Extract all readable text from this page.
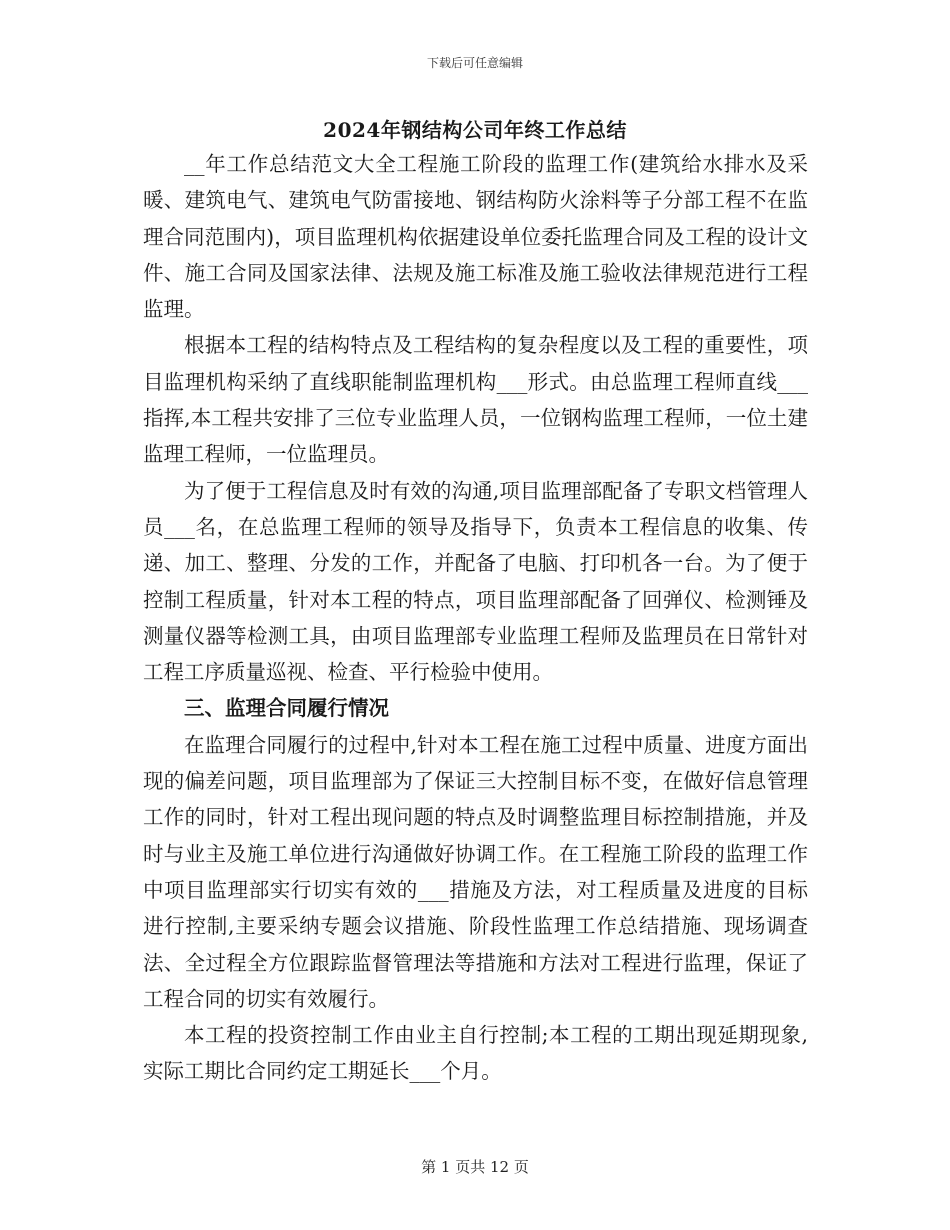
下载后可任意编辑
2024年钢结构公司年终工作总结

__年工作总结范文大全工程施工阶段的监理工作(建筑给水排水及采暖、建筑电气、建筑电气防雷接地、钢结构防火涂料等子分部工程不在监理合同范围内)，项目监理机构依据建设单位委托监理合同及工程的设计文件、施工合同及国家法律、法规及施工标准及施工验收法律规范进行工程监理。

根据本工程的结构特点及工程结构的复杂程度以及工程的重要性，项目监理机构采纳了直线职能制监理机构___形式。由总监理工程师直线___指挥,本工程共安排了三位专业监理人员，一位钢构监理工程师，一位土建监理工程师，一位监理员。

为了便于工程信息及时有效的沟通,项目监理部配备了专职文档管理人员___名，在总监理工程师的领导及指导下，负责本工程信息的收集、传递、加工、整理、分发的工作，并配备了电脑、打印机各一台。为了便于控制工程质量，针对本工程的特点，项目监理部配备了回弹仪、检测锤及测量仪器等检测工具，由项目监理部专业监理工程师及监理员在日常针对工程工序质量巡视、检查、平行检验中使用。

三、监理合同履行情况

在监理合同履行的过程中,针对本工程在施工过程中质量、进度方面出现的偏差问题，项目监理部为了保证三大控制目标不变，在做好信息管理工作的同时，针对工程出现问题的特点及时调整监理目标控制措施，并及时与业主及施工单位进行沟通做好协调工作。在工程施工阶段的监理工作中项目监理部实行切实有效的___措施及方法，对工程质量及进度的目标进行控制,主要采纳专题会议措施、阶段性监理工作总结措施、现场调查法、全过程全方位跟踪监督管理法等措施和方法对工程进行监理，保证了工程合同的切实有效履行。

本工程的投资控制工作由业主自行控制;本工程的工期出现延期现象,实际工期比合同约定工期延长___个月。

第 1 页共 12 页
